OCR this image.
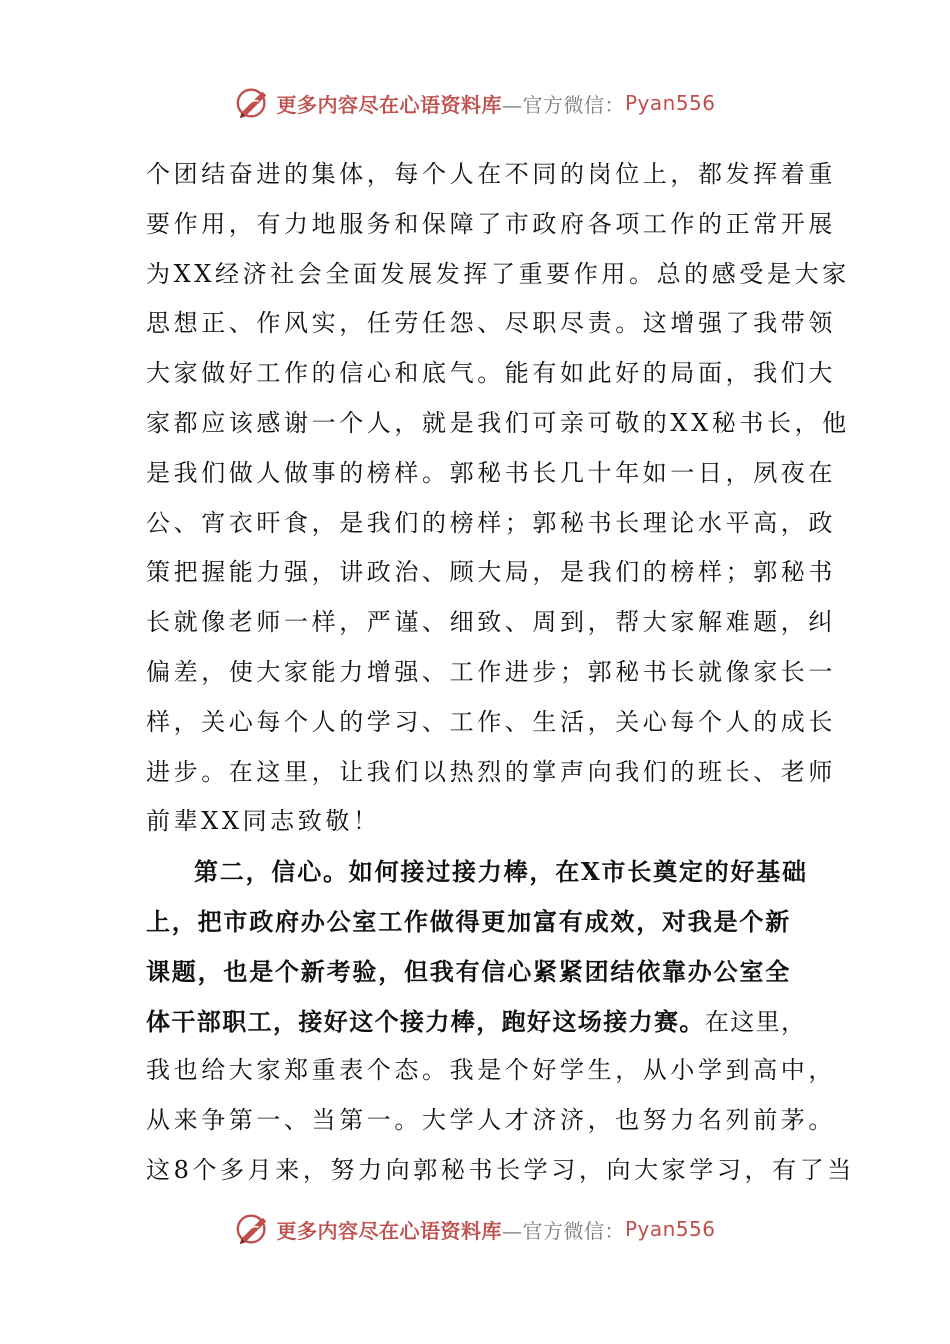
更多内容尽在心语资料库 —官方微信： Pyan556
个团结奋进的集体，每个人在不同的岗位上，都发挥着重
要作用，有力地服务和保障了市政府各项工作的正常开展
为XX经济社会全面发展发挥了重要作用。总的感受是大家
思想正、作风实，任劳任怨、尽职尽责。这增强了我带领
大家做好工作的信心和底气。能有如此好的局面，我们大
家都应该感谢一个人，就是我们可亲可敬的XX秘书长，他
是我们做人做事的榜样。郭秘书长几十年如一日，夙夜在
公、宵衣旰食，是我们的榜样；郭秘书长理论水平高，政
策把握能力强，讲政治、顾大局，是我们的榜样；郭秘书
长就像老师一样，严谨、细致、周到，帮大家解难题，纠
偏差，使大家能力增强、工作进步；郭秘书长就像家长一
样，关心每个人的学习、工作、生活，关心每个人的成长
进步。在这里，让我们以热烈的掌声向我们的班长、老师
前辈XX同志致敬！
第二，信心。如何接过接力棒，在X市长奠定的好基础
上，把市政府办公室工作做得更加富有成效，对我是个新
课题，也是个新考验，但我有信心紧紧团结依靠办公室全
体干部职工，接好这个接力棒，跑好这场接力赛。在这里，
我也给大家郑重表个态。我是个好学生，从小学到高中，
从来争第一、当第一。大学人才济济，也努力名列前茅。
这8个多月来，努力向郭秘书长学习，向大家学习，有了当
更多内容尽在心语资料库 —官方微信： Pyan556
